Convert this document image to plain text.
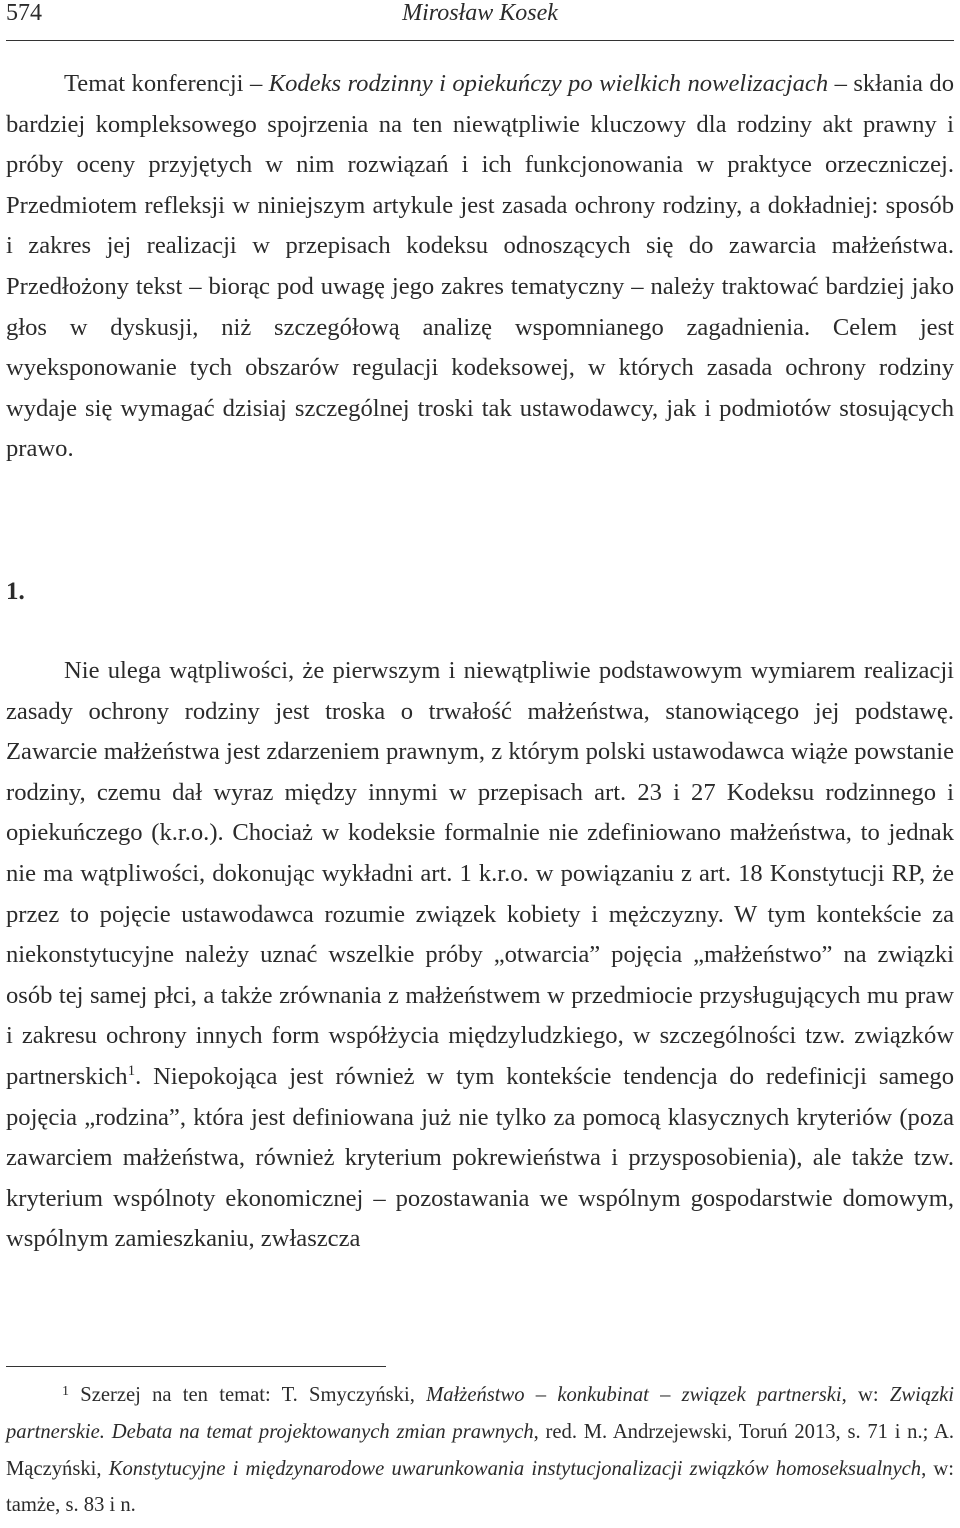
574	Mirosław Kosek

Temat konferencji – Kodeks rodzinny i opiekuńczy po wielkich nowelizacjach – skłania do bardziej kompleksowego spojrzenia na ten niewątpliwie kluczowy dla rodziny akt prawny i próby oceny przyjętych w nim rozwiązań i ich funkcjonowania w praktyce orzeczniczej. Przedmiotem refleksji w niniejszym artykule jest zasada ochrony rodziny, a dokładniej: sposób i zakres jej realizacji w przepisach kodeksu odnoszących się do zawarcia małżeństwa. Przedłożony tekst – biorąc pod uwagę jego zakres tematyczny – należy traktować bardziej jako głos w dyskusji, niż szczegółową analizę wspomnianego zagadnienia. Celem jest wyeksponowanie tych obszarów regulacji kodeksowej, w których zasada ochrony rodziny wydaje się wymagać dzisiaj szczególnej troski tak ustawodawcy, jak i podmiotów stosujących prawo.

1.

Nie ulega wątpliwości, że pierwszym i niewątpliwie podstawowym wymiarem realizacji zasady ochrony rodziny jest troska o trwałość małżeństwa, stanowiącego jej podstawę. Zawarcie małżeństwa jest zdarzeniem prawnym, z którym polski ustawodawca wiąże powstanie rodziny, czemu dał wyraz między innymi w przepisach art. 23 i 27 Kodeksu rodzinnego i opiekuńczego (k.r.o.). Chociaż w kodeksie formalnie nie zdefiniowano małżeństwa, to jednak nie ma wątpliwości, dokonując wykładni art. 1 k.r.o. w powiązaniu z art. 18 Konstytucji RP, że przez to pojęcie ustawodawca rozumie związek kobiety i mężczyzny. W tym kontekście za niekonstytucyjne należy uznać wszelkie próby „otwarcia” pojęcia „małżeństwo” na związki osób tej samej płci, a także zrównania z małżeństwem w przedmiocie przysługujących mu praw i zakresu ochrony innych form współżycia międzyludzkiego, w szczególności tzw. związków partnerskich$^1$. Niepokojąca jest również w tym kontekście tendencja do redefinicji samego pojęcia „rodzina”, która jest definiowana już nie tylko za pomocą klasycznych kryteriów (poza zawarciem małżeństwa, również kryterium pokrewieństwa i przysposobienia), ale także tzw. kryterium wspólnoty ekonomicznej – pozostawania we wspólnym gospodarstwie domowym, wspólnym zamieszkaniu, zwłaszcza

$^1$ Szerzej na ten temat: T. Smyczyński, Małżeństwo – konkubinat – związek partnerski, w: Związki partnerskie. Debata na temat projektowanych zmian prawnych, red. M. Andrzejewski, Toruń 2013, s. 71 i n.; A. Mączyński, Konstytucyjne i międzynarodowe uwarunkowania instytucjonalizacji związków homoseksualnych, w: tamże, s. 83 i n.
